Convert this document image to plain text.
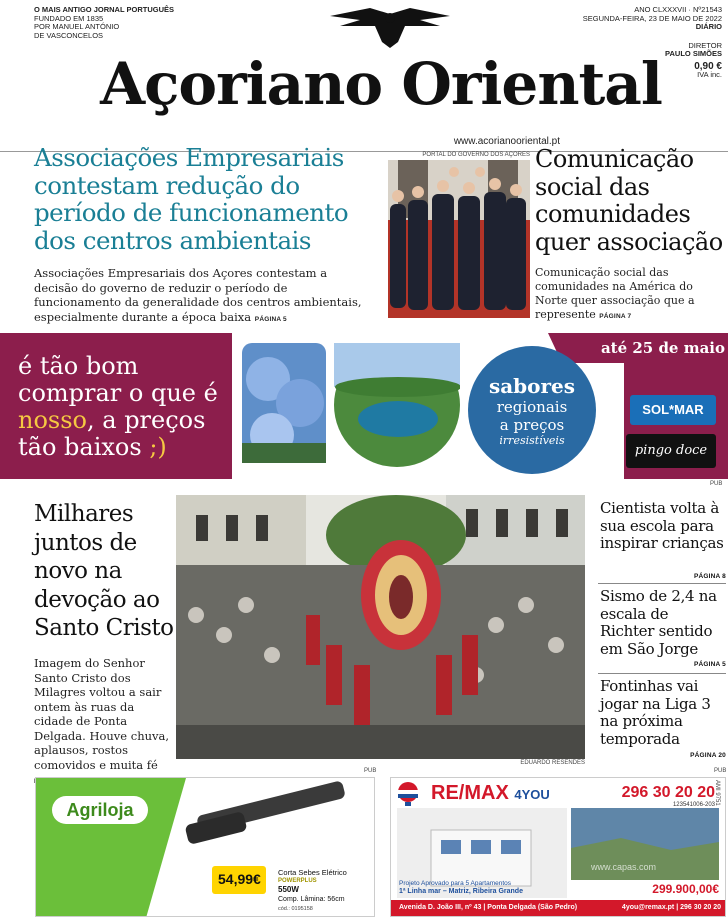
O MAIS ANTIGO JORNAL PORTUGUÊS
FUNDADO EM 1835
POR MANUEL ANTÓNIO
DE VASCONCELOS
Açoriano Oriental
ANO CLXXXVII · Nº21543
SEGUNDA-FEIRA, 23 DE MAIO DE 2022
DIÁRIO
DIRETOR
PAULO SIMÕES
0,90 €
IVA inc.
www.acorianooriental.pt
Associações Empresariais contestam redução do período de funcionamento dos centros ambientais
Associações Empresariais dos Açores contestam a decisão do governo de reduzir o período de funcionamento da generalidade dos centros ambientais, especialmente durante a época baixa PÁGINA 5
PORTAL DO GOVERNO DOS AÇORES Comunicação social das comunidades quer associação
Comunicação social das comunidades na América do Norte quer associação que a represente PÁGINA 7
é tão bom comprar o que é nosso, a preços tão baixos ;)
até 25 de maio
sabores
regionais
a preços
irresistíveis
SOL*MAR
pingo doce
PUB
Milhares juntos de novo na devoção ao Santo Cristo
Imagem do Senhor Santo Cristo dos Milagres voltou a sair ontem às ruas da cidade de Ponta Delgada. Houve chuva, aplausos, rostos comovidos e muita fé	EDUARDO RESENDES
Cientista volta à sua escola para inspirar crianças
PÁGINA 8
Sismo de 2,4 na escala de Richter sentido em São Jorge
PÁGINA 5
Fontinhas vai jogar na Liga 3 na próxima temporada
PÁGINA 20
PUB
Agriloja
54,99€ Corta Sebes Elétrico
POWERPLUS
550W
Comp. Lâmina: 56cm
cód.: 0195158
PUB
RE/MAX 4YOU	296 30 20 20 AMI 9751
123541006-203
Projeto Aprovado para 5 Apartamentos
1ª Linha mar – Matriz, Ribeira Grande	299.900,00€
Avenida D. João III, nº 43 | Ponta Delgada (São Pedro)	4you@remax.pt | 296 30 20 20
www.capas.com
